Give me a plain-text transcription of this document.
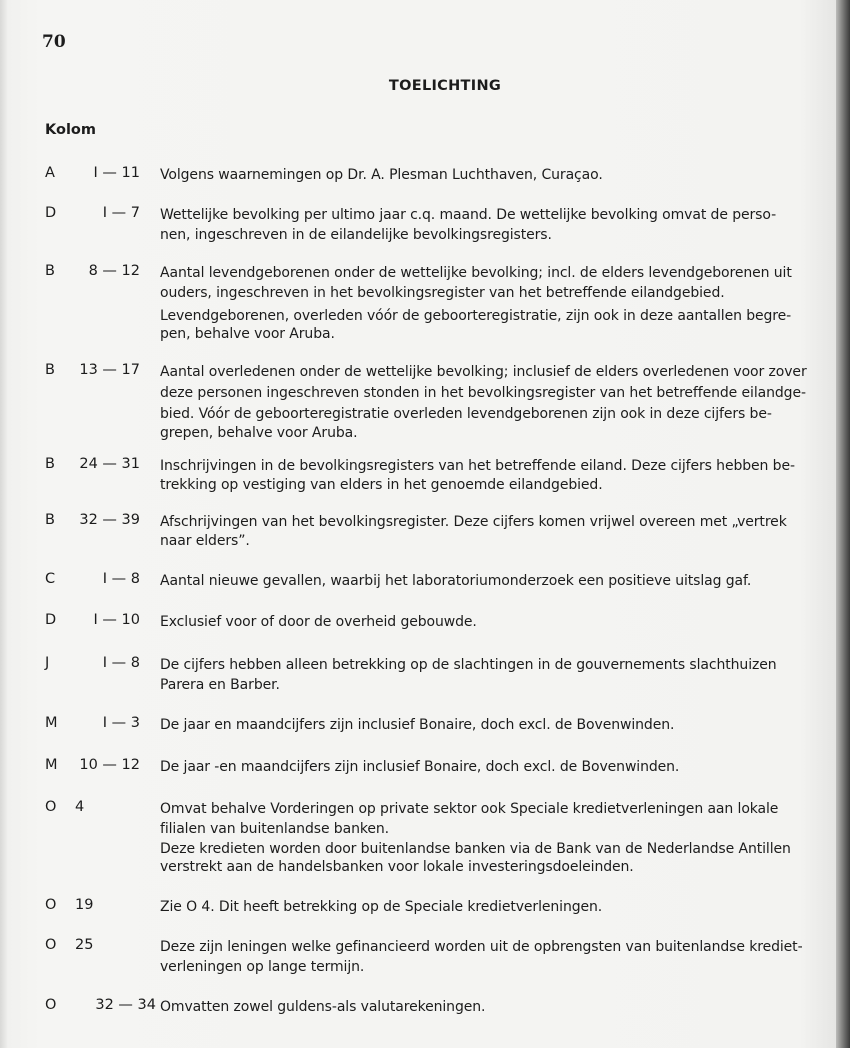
70
TOELICHTING
Kolom
A	I — 11 Volgens waarnemingen op Dr. A. Plesman Luchthaven, Curaçao.
D	I — 7 Wettelijke bevolking per ultimo jaar c.q. maand. De wettelijke bevolking omvat de perso-
nen, ingeschreven in de eilandelijke bevolkingsregisters.
B 8 — 12 Aantal levendgeborenen onder de wettelijke bevolking; incl. de elders levendgeborenen uit
ouders, ingeschreven in het bevolkingsregister van het betreffende eilandgebied.
Levendgeborenen, overleden vóór de geboorteregistratie, zijn ook in deze aantallen begre-
pen, behalve voor Aruba.
B 13 — 17 Aantal overledenen onder de wettelijke bevolking; inclusief de elders overledenen voor zover
deze personen ingeschreven stonden in het bevolkingsregister van het betreffende eilandge-
bied. Vóór de geboorteregistratie overleden levendgeborenen zijn ook in deze cijfers be-
grepen, behalve voor Aruba.
B 24 — 31 Inschrijvingen in de bevolkingsregisters van het betreffende eiland. Deze cijfers hebben be-
trekking op vestiging van elders in het genoemde eilandgebied.
B 32 — 39 Afschrijvingen van het bevolkingsregister. Deze cijfers komen vrijwel overeen met „vertrek
naar elders”.
C	I — 8 Aantal nieuwe gevallen, waarbij het laboratoriumonderzoek een positieve uitslag gaf.
D	I — 10 Exclusief voor of door de overheid gebouwde.
J	I — 8 De cijfers hebben alleen betrekking op de slachtingen in de gouvernements slachthuizen
Parera en Barber.
M	I — 3 De jaar en maandcijfers zijn inclusief Bonaire, doch excl. de Bovenwinden.
M 10 — 12 De jaar -en maandcijfers zijn inclusief Bonaire, doch excl. de Bovenwinden.
O 4	Omvat behalve Vorderingen op private sektor ook Speciale kredietverleningen aan lokale
filialen van buitenlandse banken.
Deze kredieten worden door buitenlandse banken via de Bank van de Nederlandse Antillen
verstrekt aan de handelsbanken voor lokale investeringsdoeleinden.
O 19	Zie O 4. Dit heeft betrekking op de Speciale kredietverleningen.
O 25	Deze zijn leningen welke gefinancieerd worden uit de opbrengsten van buitenlandse krediet-
verleningen op lange termijn.
O	32 — 34 Omvatten zowel guldens-als valutarekeningen.
